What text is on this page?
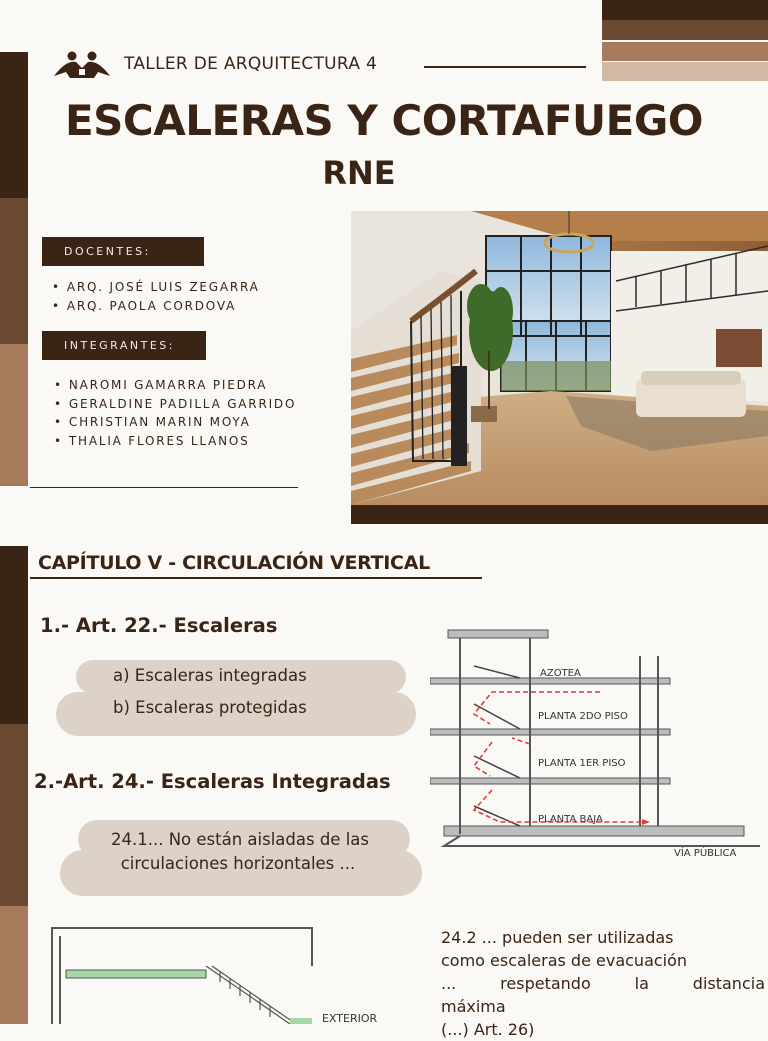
TALLER DE ARQUITECTURA 4
ESCALERAS Y CORTAFUEGO
RNE
DOCENTES:
• ARQ. JOSÉ LUIS ZEGARRA
• ARQ. PAOLA CORDOVA
INTEGRANTES:
• NAROMI GAMARRA PIEDRA
• GERALDINE PADILLA GARRIDO
• CHRISTIAN MARIN MOYA
• THALIA FLORES LLANOS
CAPÍTULO V - CIRCULACIÓN VERTICAL
1.- Art. 22.- Escaleras
a) Escaleras integradas
b) Escaleras protegidas
2.-Art. 24.- Escaleras Integradas
24.1... No están aisladas de las
circulaciones horizontales ...
AZOTEA
PLANTA 2DO PISO
PLANTA 1ER PISO
PLANTA BAJA
VÍA PÚBLICA
EXTERIOR
24.2 ... pueden ser utilizadas
como escaleras de evacuación
... respetando la distancia
máxima
(...) Art. 26)
